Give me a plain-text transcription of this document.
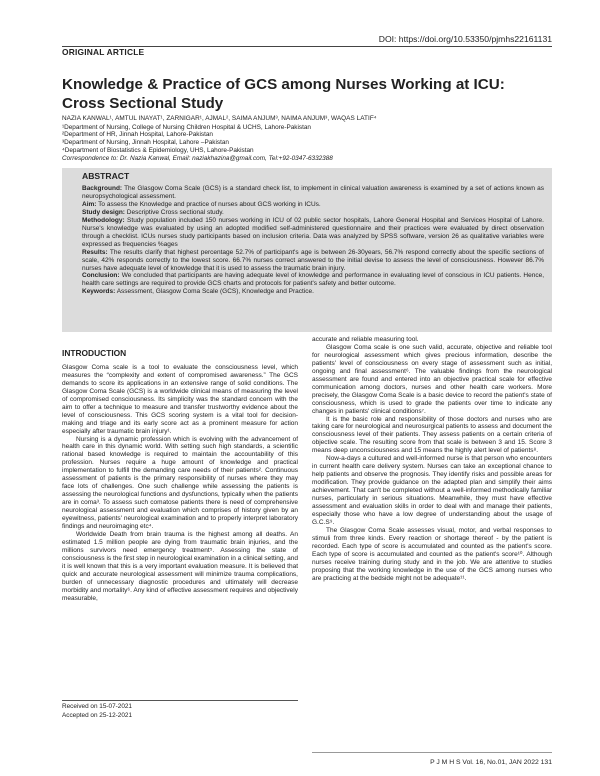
DOI: https://doi.org/10.53350/pjmhs22161131
ORIGINAL ARTICLE
Knowledge & Practice of GCS among Nurses Working at ICU: Cross Sectional Study
NAZIA KANWAL¹, AMTUL INAYAT¹, ZARNIGAR¹, AJMAL², SAIMA ANJUM³, NAIMA ANJUM³, WAQAS LATIF⁴
¹Department of Nursing, College of Nursing Children Hospital & UCHS, Lahore-Pakistan
²Department of HR, Jinnah Hospital, Lahore-Pakistan
³Department of Nursing, Jinnah Hospital, Lahore –Pakistan
⁴Department of Biostatistics & Epidemiology, UHS, Lahore-Pakistan
Correspondence to: Dr. Nazia Kanwal, Email: naziakhazina@gmail.com, Tel:+92-0347-6332388
ABSTRACT

Background: The Glasgow Coma Scale (GCS) is a standard check list, to implement in clinical valuation awareness is examined by a set of actions known as neuropsychological assessment.

Aim: To assess the Knowledge and practice of nurses about GCS working in ICUs.

Study design: Descriptive Cross sectional study.

Methodology: Study population included 150 nurses working in ICU of 02 public sector hospitals, Lahore General Hospital and Services Hospital of Lahore. Nurse's knowledge was evaluated by using an adopted modified self-administered questionnaire and their practices were evaluated by direct observation through a checklist. ICUs nurses study participants based on inclusion criteria. Data was analyzed by SPSS software, version 26 as qualitative variables were expressed as frequencies %ages

Results: The results clarify that highest percentage 52.7% of participant's age is between 26-30years, 56.7% respond correctly about the specific sections of scale, 42% responds correctly to the lowest score. 66.7% nurses correct answered to the initial devise to assess the level of consciousness. However 86.7% nurses have adequate level of knowledge that it is used to assess the traumatic brain injury.

Conclusion: We concluded that participants are having adequate level of knowledge and performance in evaluating level of conscious in ICU patients. Hence, health care settings are required to provide GCS charts and protocols for patient's safety and better outcome.

Keywords: Assessment, Glasgow Coma Scale (GCS), Knowledge and Practice.

INTRODUCTION

Glasgow Coma scale is a tool to evaluate the consciousness level, which measures the “complexity and extent of compromised awareness.” The GCS demands to score its applications in an extensive range of solid conditions. The Glasgow Coma Scale (GCS) is a worldwide clinical means of measuring the level of compromised consciousness. Its simplicity was the standard concern with the aim to offer a technique to measure and transfer trustworthy evidence about the level of consciousness. This GCS scoring system is a vital tool for decision-making and triage and its early score act as a prominent measure for action especially after traumatic brain injury¹.

Nursing is a dynamic profession which is evolving with the advancement of health care in this dynamic world. With setting such high standards, a scientific rational based knowledge is required to maintain the accountability of this profession. Nurses require a huge amount of knowledge and practical implementation to fulfill the demanding care needs of their patients². Continuous assessment of patients is the primary responsibility of nurses where they may face lots of challenges. One such challenge while assessing the patients is assessing the neurological functions and dysfunctions, typically when the patients are in coma³. To assess such comatose patients there is need of comprehensive neurological assessment and evaluation which comprises of history given by an eyewitness, patients' neurological examination and to properly interpret laboratory findings and neuroimaging etc⁴.

Worldwide Death from brain trauma is the highest among all deaths. An estimated 1.5 million people are dying from traumatic brain injuries, and the millions survivors need emergency treatment⁵. Assessing the state of consciousness is the first step in neurological examination in a clinical setting, and it is well known that this is a very important evaluation measure. It is believed that quick and accurate neurological assessment will minimize trauma complications, burden of unnecessary diagnostic procedures and ultimately will decrease morbidity and mortality⁶. Any kind of effective assessment requires and objectively measurable,

Received on 15-07-2021
Accepted on 25-12-2021

accurate and reliable measuring tool.

Glasgow Coma scale is one such valid, accurate, objective and reliable tool for neurological assessment which gives precious information, describe the patients' level of consciousness on every stage of assessment such as initial, ongoing and final assessment⁶. The valuable findings from the neurological assessment are found and entered into an objective practical scale for effective communication among doctors, nurses and other health care workers. More precisely, the Glasgow Coma Scale is a basic device to record the patient's state of consciousness, which is used to grade the patients over time to indicate any changes in patients' clinical conditions⁷.

It is the basic role and responsibility of those doctors and nurses who are taking care for neurological and neurosurgical patients to assess and document the consciousness level of their patients. They assess patients on a certain criteria of objective scale. The resulting score from that scale is between 3 and 15. Score 3 means deep unconsciousness and 15 means the highly alert level of patients⁸.

Now-a-days a cultured and well-informed nurse is that person who encounters in current health care delivery system. Nurses can take an exceptional chance to help patients and observe the prognosis. They identify risks and possible areas for modification. They provide guidance on the adapted plan and simplify their aims achievement. That can't be completed without a well-informed methodically familiar nurses, particularly in serious situations. Meanwhile, they must have effective assessment and evaluation skills in order to deal with and manage their patients, especially those who have a low degree of understanding about the usage of G.C.S⁹.

The Glasgow Coma Scale assesses visual, motor, and verbal responses to stimuli from three kinds. Every reaction or shortage thereof - by the patient is recorded. Each type of score is accumulated and counted as the patient's score. Each type of score is accumulated and counted as the patient's score¹⁰. Although nurses receive training during study and in the job. We are attentive to studies proposing that the working knowledge in the use of the GCS among nurses who are practicing at the bedside might not be adequate¹¹.

P J M H S Vol. 16, No.01, JAN 2022 131
